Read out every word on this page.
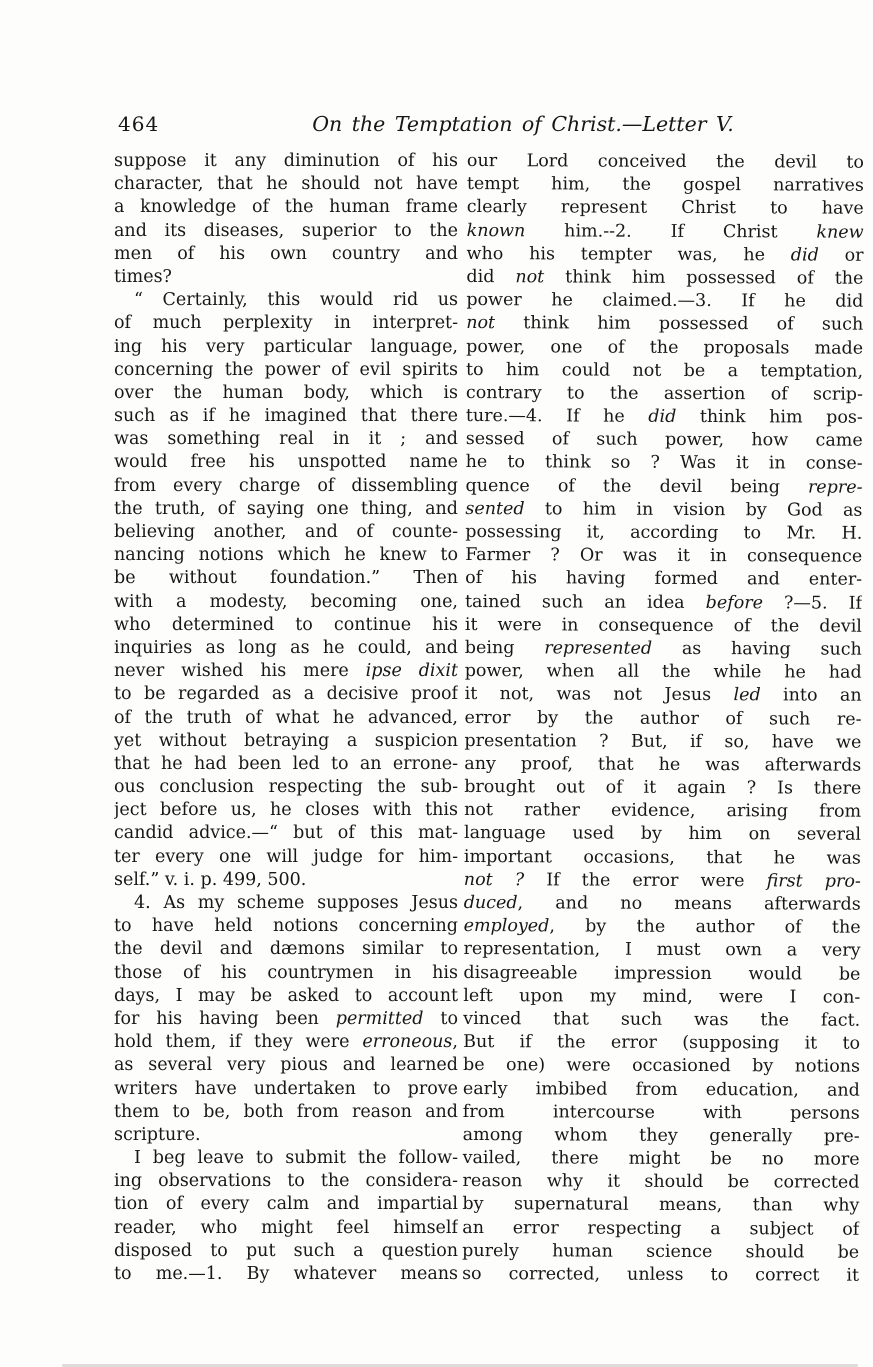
464	On the Temptation of Christ.—Letter V.
suppose it any diminution of his
character, that he should not have
a knowledge of the human frame
and its diseases, superior to the
men of his own country and
times?
“ Certainly, this would rid us
of much perplexity in interpret-
ing his very particular language,
concerning the power of evil spirits
over the human body, which is
such as if he imagined that there
was something real in it ; and
would free his unspotted name
from every charge of dissembling
the truth, of saying one thing, and
believing another, and of counte-
nancing notions which he knew to
be without foundation.” Then
with a modesty, becoming one,
who determined to continue his
inquiries as long as he could, and
never wished his mere ipse dixit
to be regarded as a decisive proof
of the truth of what he advanced,
yet without betraying a suspicion
that he had been led to an errone-
ous conclusion respecting the sub-
ject before us, he closes with this
candid advice.—“ but of this mat-
ter every one will judge for him-
self.” v. i. p. 499, 500.
4. As my scheme supposes Jesus
to have held notions concerning
the devil and dæmons similar to
those of his countrymen in his
days, I may be asked to account
for his having been permitted to
hold them, if they were erroneous,
as several very pious and learned
writers have undertaken to prove
them to be, both from reason and
scripture.
I beg leave to submit the follow-
ing observations to the considera-
tion of every calm and impartial
reader, who might feel himself
disposed to put such a question
to me.—1. By whatever means
our Lord conceived the devil to
tempt him, the gospel narratives
clearly represent Christ to have
known him.--2. If Christ knew
who his tempter was, he did or
did not think him possessed of the
power he claimed.—3. If he did
not think him possessed of such
power, one of the proposals made
to him could not be a temptation,
contrary to the assertion of scrip-
ture.—4. If he did think him pos-
sessed of such power, how came
he to think so ? Was it in conse-
quence of the devil being repre-
sented to him in vision by God as
possessing it, according to Mr. H.
Farmer ? Or was it in consequence
of his having formed and enter-
tained such an idea before ?—5. If
it were in consequence of the devil
being represented as having such
power, when all the while he had
it not, was not Jesus led into an
error by the author of such re-
presentation ? But, if so, have we
any proof, that he was afterwards
brought out of it again ? Is there
not rather evidence, arising from
language used by him on several
important occasions, that he was
not ? If the error were first pro-
duced, and no means afterwards
employed, by the author of the
representation, I must own a very
disagreeable impression would be
left upon my mind, were I con-
vinced that such was the fact.
But if the error (supposing it to
be one) were occasioned by notions
early imbibed from education, and
from intercourse with persons
among whom they generally pre-
vailed, there might be no more
reason why it should be corrected
by supernatural means, than why
an error respecting a subject of
purely human science should be
so corrected, unless to correct it
